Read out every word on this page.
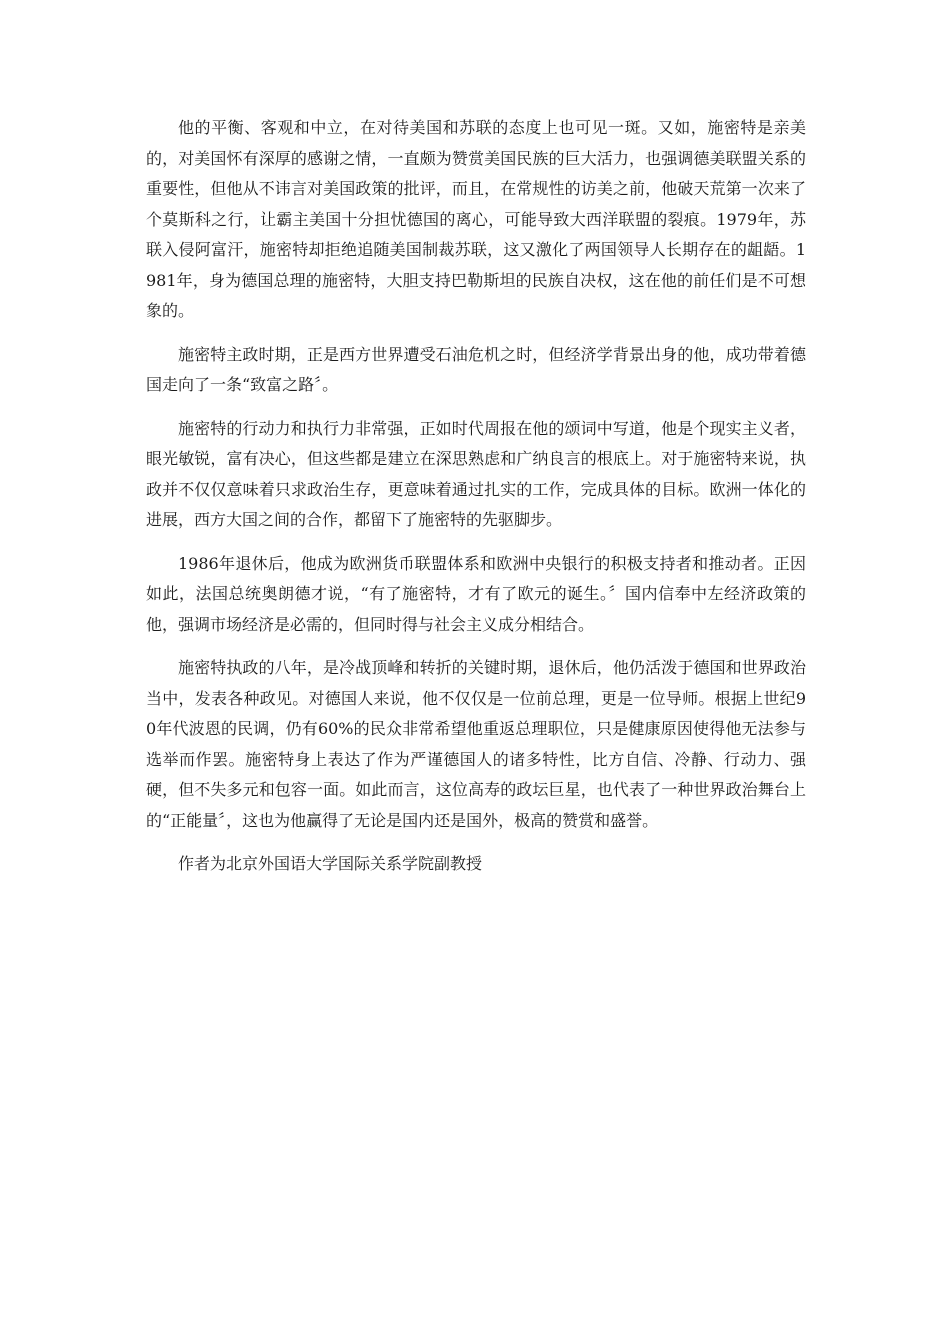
他的平衡、客观和中立，在对待美国和苏联的态度上也可见一斑。又如，施密特是亲美的，对美国怀有深厚的感谢之情，一直颇为赞赏美国民族的巨大活力，也强调德美联盟关系的重要性，但他从不讳言对美国政策的批评，而且，在常规性的访美之前，他破天荒第一次来了个莫斯科之行，让霸主美国十分担忧德国的离心，可能导致大西洋联盟的裂痕。1979年，苏联入侵阿富汗，施密特却拒绝追随美国制裁苏联，这又激化了两国领导人长期存在的龃龉。1981年，身为德国总理的施密特，大胆支持巴勒斯坦的民族自决权，这在他的前任们是不可想象的。

施密特主政时期，正是西方世界遭受石油危机之时，但经济学背景出身的他，成功带着德国走向了一条“致富之路〞。

施密特的行动力和执行力非常强，正如时代周报在他的颂词中写道，他是个现实主义者，眼光敏锐，富有决心，但这些都是建立在深思熟虑和广纳良言的根底上。对于施密特来说，执政并不仅仅意味着只求政治生存，更意味着通过扎实的工作，完成具体的目标。欧洲一体化的进展，西方大国之间的合作，都留下了施密特的先驱脚步。

1986年退休后，他成为欧洲货币联盟体系和欧洲中央银行的积极支持者和推动者。正因如此，法国总统奥朗德才说，“有了施密特，才有了欧元的诞生。〞国内信奉中左经济政策的他，强调市场经济是必需的，但同时得与社会主义成分相结合。

施密特执政的八年，是冷战顶峰和转折的关键时期，退休后，他仍活泼于德国和世界政治当中，发表各种政见。对德国人来说，他不仅仅是一位前总理，更是一位导师。根据上世纪90年代波恩的民调，仍有60%的民众非常希望他重返总理职位，只是健康原因使得他无法参与选举而作罢。施密特身上表达了作为严谨德国人的诸多特性，比方自信、冷静、行动力、强硬，但不失多元和包容一面。如此而言，这位高寿的政坛巨星，也代表了一种世界政治舞台上的“正能量〞，这也为他赢得了无论是国内还是国外，极高的赞赏和盛誉。

作者为北京外国语大学国际关系学院副教授
